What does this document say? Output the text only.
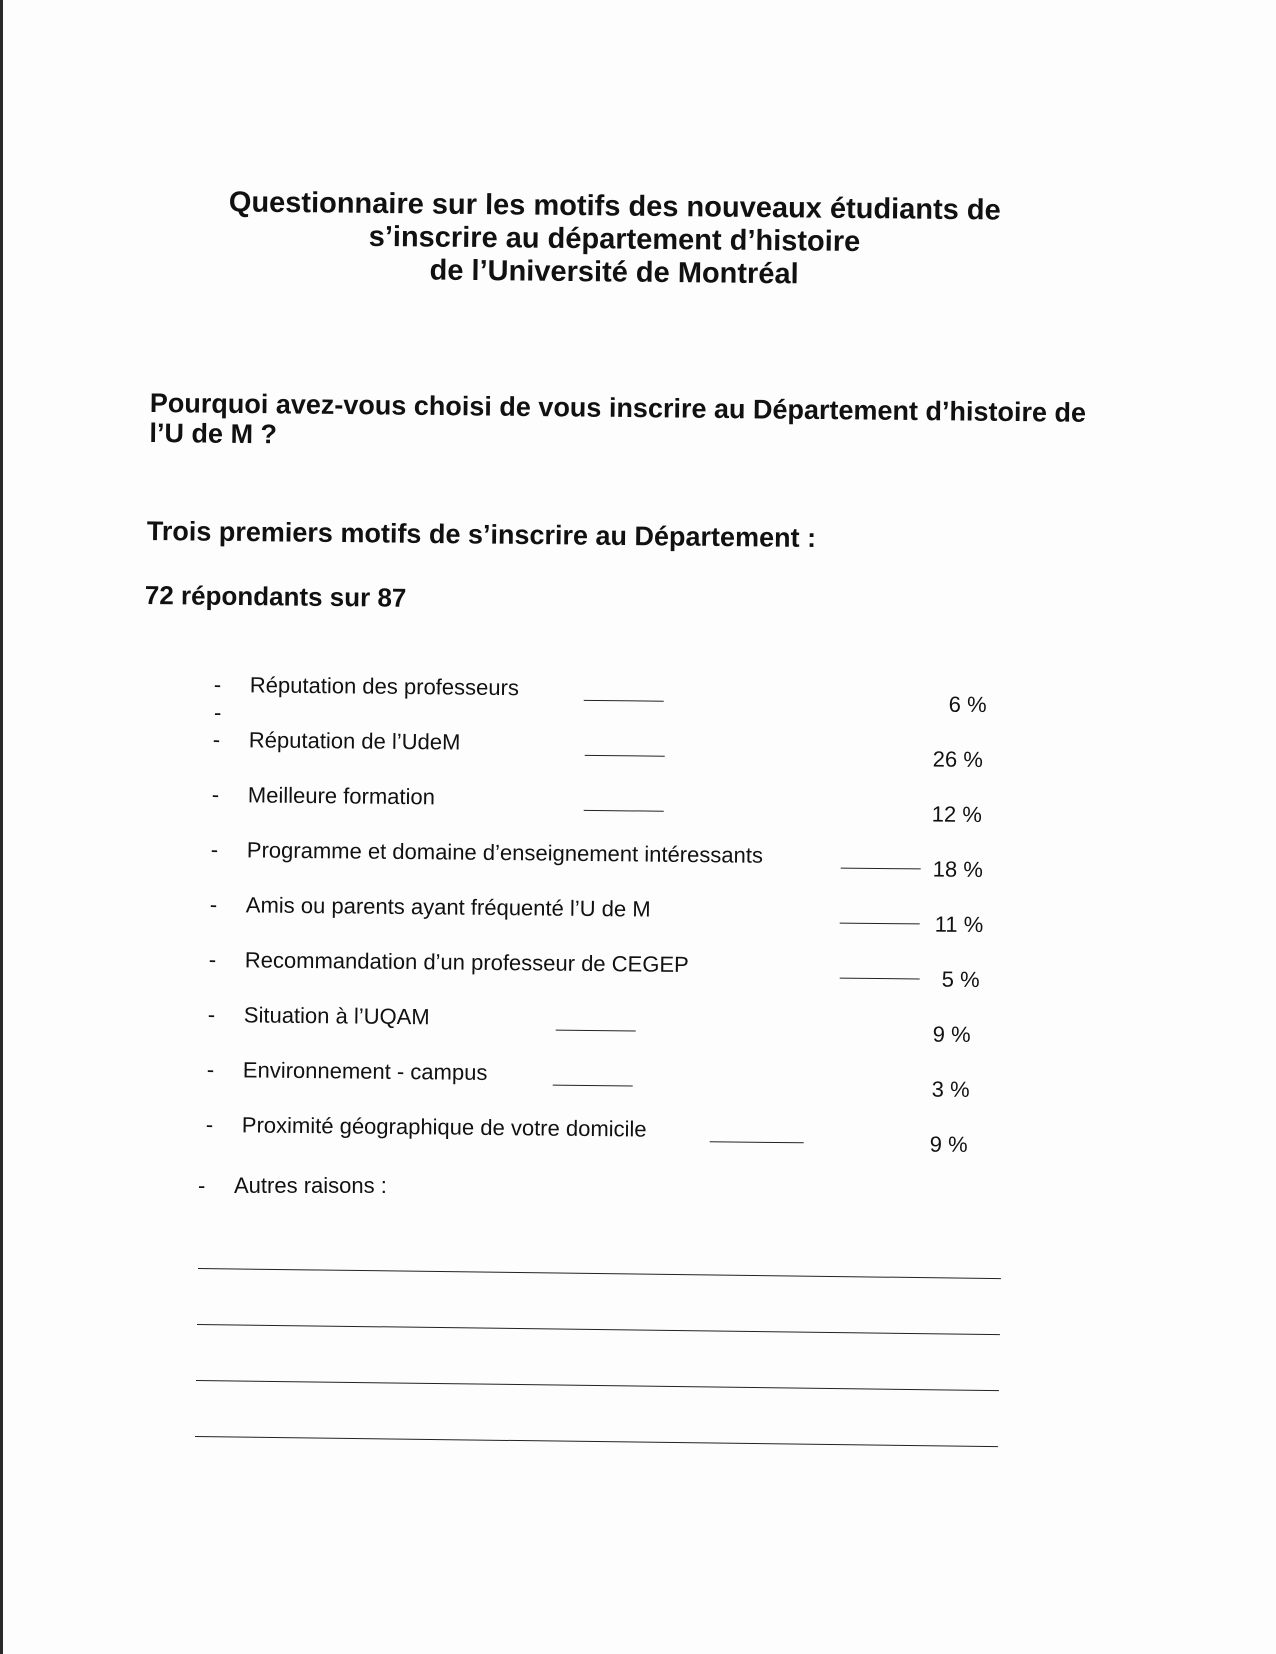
Questionnaire sur les motifs des nouveaux étudiants de
s’inscrire au département d’histoire
de l’Université de Montréal
Pourquoi avez-vous choisi de vous inscrire au Département d’histoire de l’U de M ?
Trois premiers motifs de s’inscrire au Département :
72 répondants sur 87
- Réputation des professeurs
6 %
-
- Réputation de l’UdeM
26 %
- Meilleure formation
12 %
- Programme et domaine d’enseignement intéressants
18 %
- Amis ou parents ayant fréquenté l’U de M
11 %
- Recommandation d’un professeur de CEGEP
5 %
- Situation à l’UQAM
9 %
- Environnement - campus
3 %
- Proximité géographique de votre domicile
9 %
- Autres raisons :
